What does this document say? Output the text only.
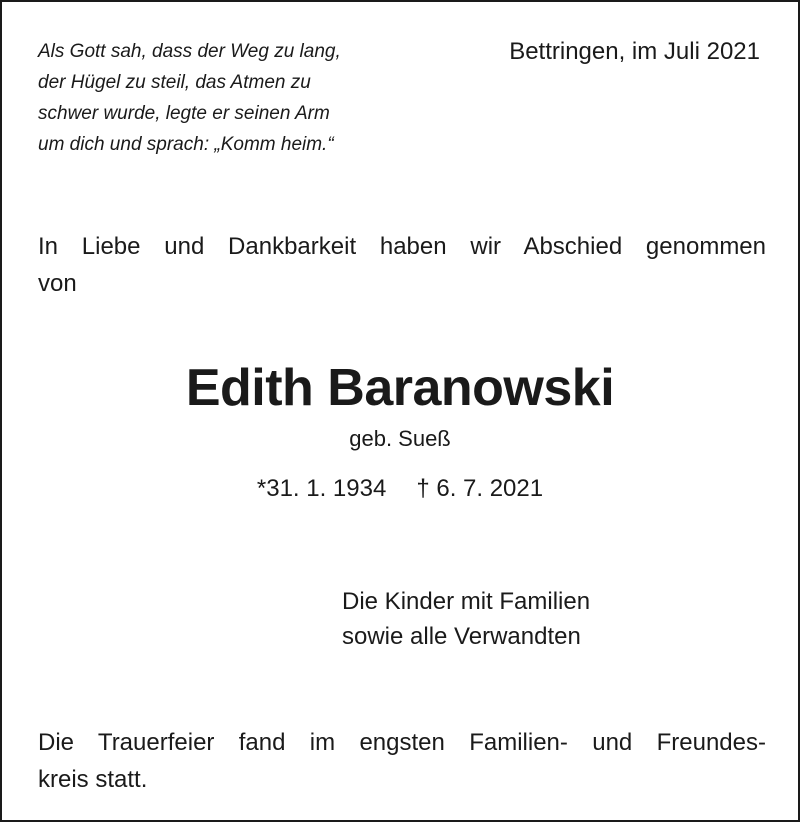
Als Gott sah, dass der Weg zu lang,
der Hügel zu steil, das Atmen zu
schwer wurde, legte er seinen Arm
um dich und sprach: „Komm heim.“
Bettringen, im Juli 2021
In Liebe und Dankbarkeit haben wir Abschied genommen
von
Edith Baranowski
geb. Sueß
*31. 1. 1934 † 6. 7. 2021
Die Kinder mit Familien
sowie alle Verwandten
Die Trauerfeier fand im engsten Familien- und Freundes-
kreis statt.
